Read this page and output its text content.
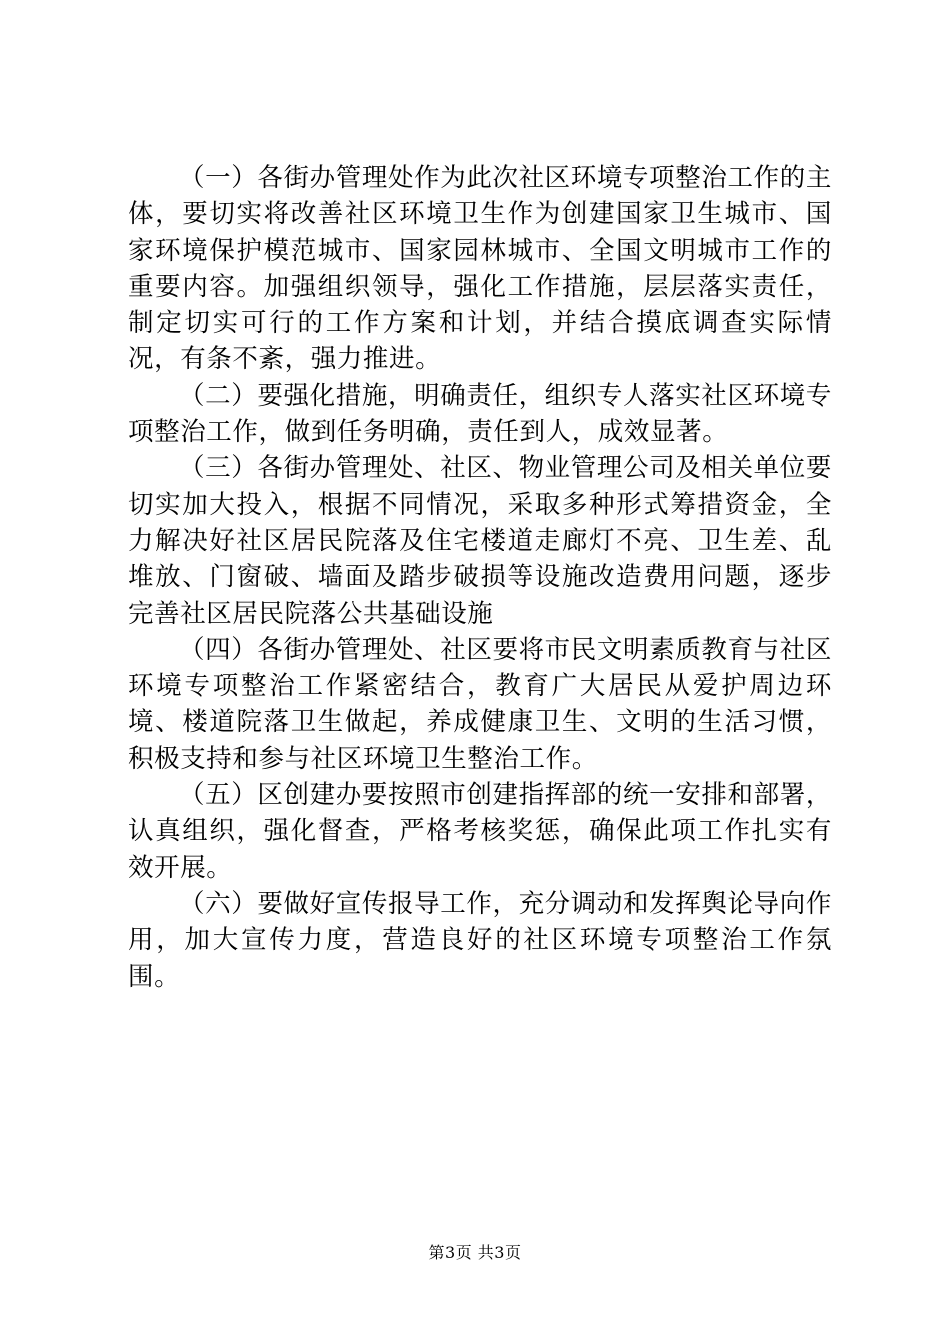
（一）各街办管理处作为此次社区环境专项整治工作的主体，要切实将改善社区环境卫生作为创建国家卫生城市、国家环境保护模范城市、国家园林城市、全国文明城市工作的重要内容。加强组织领导，强化工作措施，层层落实责任，制定切实可行的工作方案和计划，并结合摸底调查实际情况，有条不紊，强力推进。

（二）要强化措施，明确责任，组织专人落实社区环境专项整治工作，做到任务明确，责任到人，成效显著。

（三）各街办管理处、社区、物业管理公司及相关单位要切实加大投入，根据不同情况，采取多种形式筹措资金，全力解决好社区居民院落及住宅楼道走廊灯不亮、卫生差、乱堆放、门窗破、墙面及踏步破损等设施改造费用问题，逐步完善社区居民院落公共基础设施

（四）各街办管理处、社区要将市民文明素质教育与社区环境专项整治工作紧密结合，教育广大居民从爱护周边环境、楼道院落卫生做起，养成健康卫生、文明的生活习惯，积极支持和参与社区环境卫生整治工作。

（五）区创建办要按照市创建指挥部的统一安排和部署，认真组织，强化督查，严格考核奖惩，确保此项工作扎实有效开展。

（六）要做好宣传报导工作，充分调动和发挥舆论导向作用，加大宣传力度，营造良好的社区环境专项整治工作氛围。

第3页 共3页
